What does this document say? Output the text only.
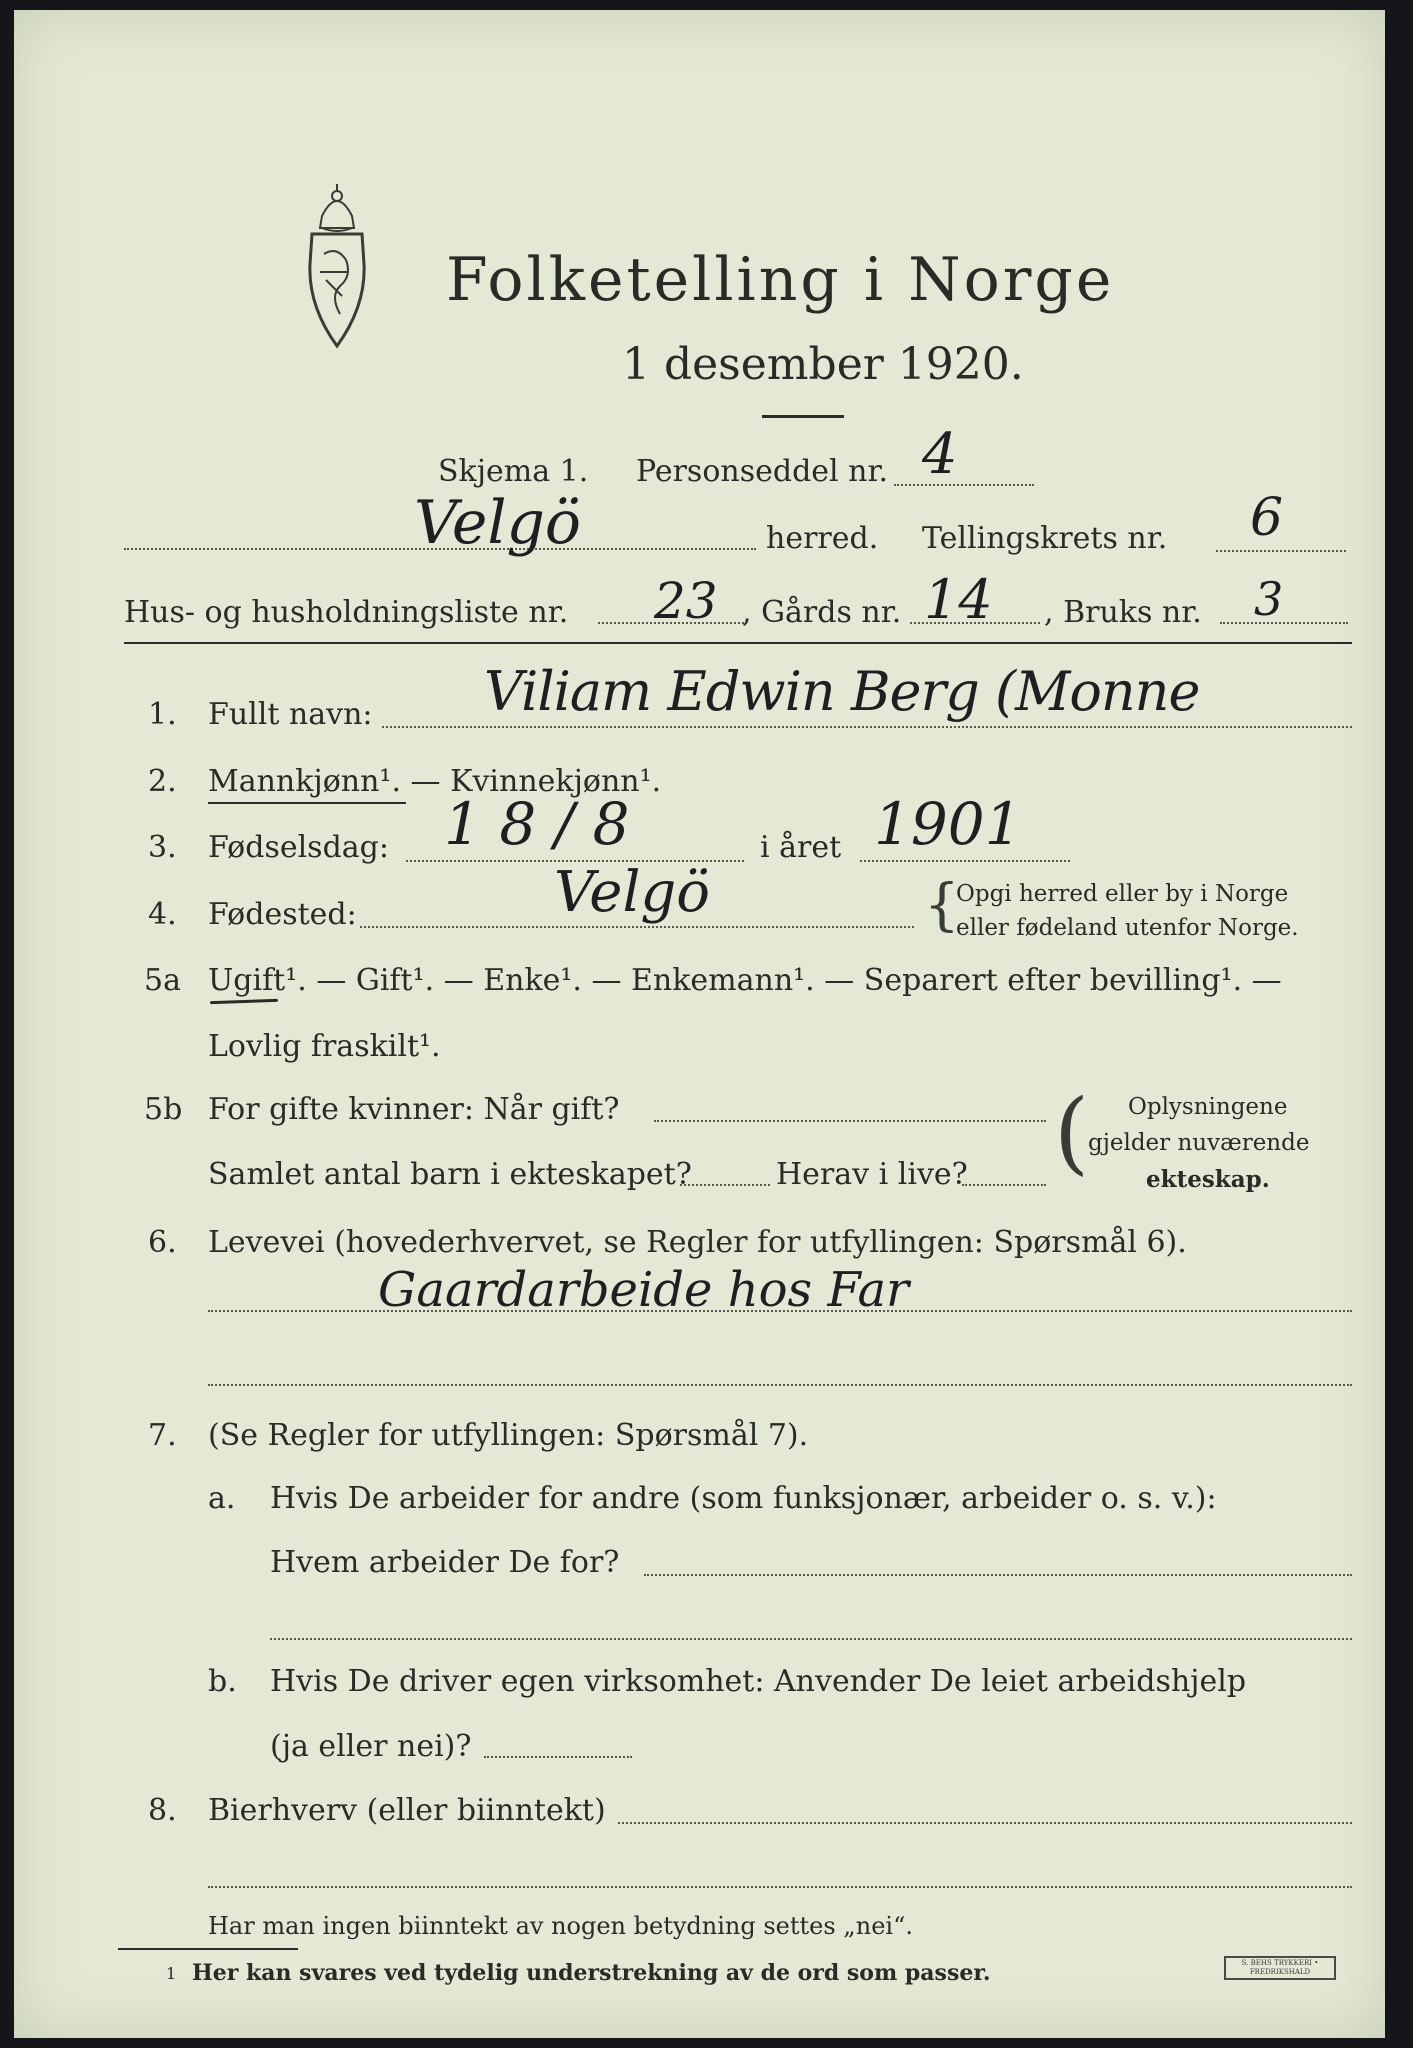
Folketelling i Norge
1 desember 1920.
Skjema 1. Personseddel nr. 4
Velgö	herred. Tellingskrets nr. 6
Hus- og husholdningsliste nr. 23 , Gårds nr. 14 , Bruks nr. 3
1. Fullt navn: Viliam Edwin Berg (Monne
2. Mannkjønn¹. — Kvinnekjønn¹.
3. Fødselsdag: 1 8 / 8	i året 1901
4. Fødested:	Velgö	{
Opgi herred eller by i Norge
eller fødeland utenfor Norge.
5a Ugift¹. — Gift¹. — Enke¹. — Enkemann¹. — Separert efter bevilling¹. —
Lovlig fraskilt¹.
5b For gifte kvinner: Når gift?
Samlet antal barn i ekteskapet?	Herav i live? ( Oplysningene
gjelder nuværende
ekteskap.
6. Levevei (hovederhvervet, se Regler for utfyllingen: Spørsmål 6).
Gaardarbeide hos Far
7. (Se Regler for utfyllingen: Spørsmål 7).
a. Hvis De arbeider for andre (som funksjonær, arbeider o. s. v.):
Hvem arbeider De for?
b. Hvis De driver egen virksomhet: Anvender De leiet arbeidshjelp
(ja eller nei)?
8. Bierhverv (eller biinntekt)
Har man ingen biinntekt av nogen betydning settes „nei“.
1 Her kan svares ved tydelig understrekning av de ord som passer.	S. BEHS TRYKKERI • FREDRIKSHALD
